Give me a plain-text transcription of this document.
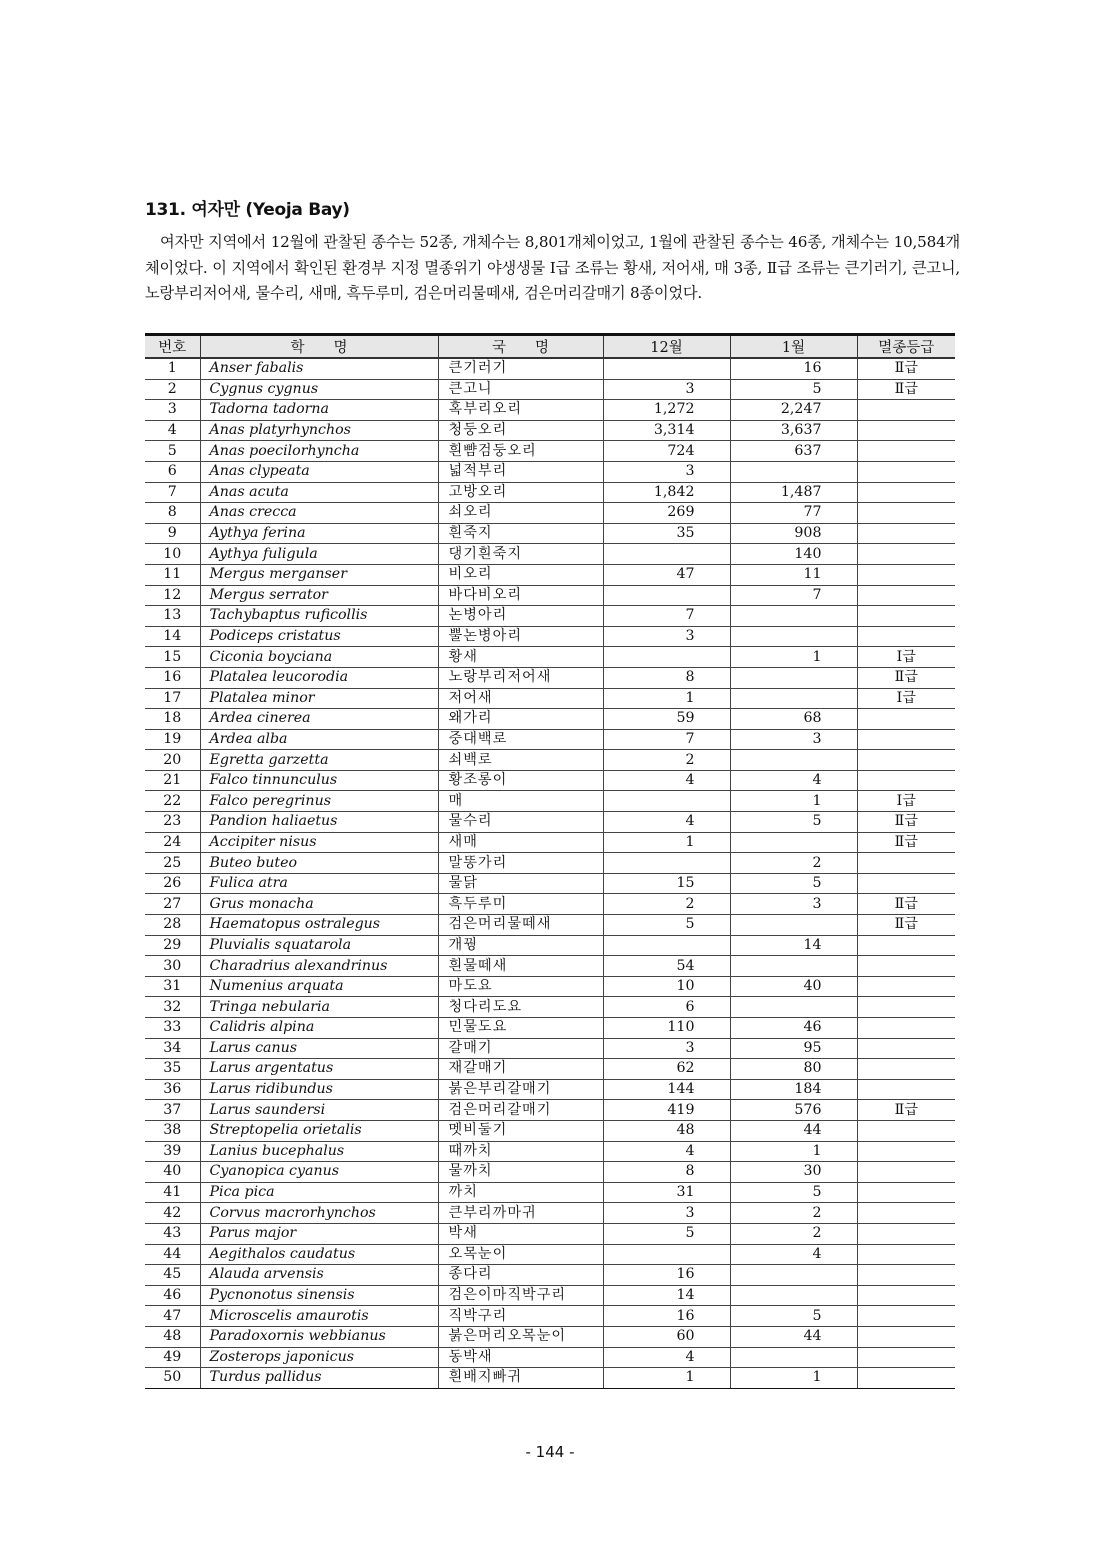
131. 여자만 (Yeoja Bay)

여자만 지역에서 12월에 관찰된 종수는 52종, 개체수는 8,801개체이었고, 1월에 관찰된 종수는 46종, 개체수는 10,584개체이었다. 이 지역에서 확인된 환경부 지정 멸종위기 야생생물 Ⅰ급 조류는 황새, 저어새, 매 3종, Ⅱ급 조류는 큰기러기, 큰고니, 노랑부리저어새, 물수리, 새매, 흑두루미, 검은머리물떼새, 검은머리갈매기 8종이었다.

번호	학　　명	국　　명	12월	1월	멸종등급
1	Anser fabalis	큰기러기		16	Ⅱ급
2	Cygnus cygnus	큰고니	3	5	Ⅱ급
3	Tadorna tadorna	혹부리오리	1,272	2,247	
4	Anas platyrhynchos	청둥오리	3,314	3,637	
5	Anas poecilorhyncha	흰뺨검둥오리	724	637	
6	Anas clypeata	넓적부리	3		
7	Anas acuta	고방오리	1,842	1,487	
8	Anas crecca	쇠오리	269	77	
9	Aythya ferina	흰죽지	35	908	
10	Aythya fuligula	댕기흰죽지		140	
11	Mergus merganser	비오리	47	11	
12	Mergus serrator	바다비오리		7	
13	Tachybaptus ruficollis	논병아리	7		
14	Podiceps cristatus	뿔논병아리	3		
15	Ciconia boyciana	황새		1	Ⅰ급
16	Platalea leucorodia	노랑부리저어새	8		Ⅱ급
17	Platalea minor	저어새	1		Ⅰ급
18	Ardea cinerea	왜가리	59	68	
19	Ardea alba	중대백로	7	3	
20	Egretta garzetta	쇠백로	2		
21	Falco tinnunculus	황조롱이	4	4	
22	Falco peregrinus	매		1	Ⅰ급
23	Pandion haliaetus	물수리	4	5	Ⅱ급
24	Accipiter nisus	새매	1		Ⅱ급
25	Buteo buteo	말똥가리		2	
26	Fulica atra	물닭	15	5	
27	Grus monacha	흑두루미	2	3	Ⅱ급
28	Haematopus ostralegus	검은머리물떼새	5		Ⅱ급
29	Pluvialis squatarola	개꿩		14	
30	Charadrius alexandrinus	흰물떼새	54		
31	Numenius arquata	마도요	10	40	
32	Tringa nebularia	청다리도요	6		
33	Calidris alpina	민물도요	110	46	
34	Larus canus	갈매기	3	95	
35	Larus argentatus	재갈매기	62	80	
36	Larus ridibundus	붉은부리갈매기	144	184	
37	Larus saundersi	검은머리갈매기	419	576	Ⅱ급
38	Streptopelia orietalis	멧비둘기	48	44	
39	Lanius bucephalus	때까치	4	1	
40	Cyanopica cyanus	물까치	8	30	
41	Pica pica	까치	31	5	
42	Corvus macrorhynchos	큰부리까마귀	3	2	
43	Parus major	박새	5	2	
44	Aegithalos caudatus	오목눈이		4	
45	Alauda arvensis	종다리	16		
46	Pycnonotus sinensis	검은이마직박구리	14		
47	Microscelis amaurotis	직박구리	16	5	
48	Paradoxornis webbianus	붉은머리오목눈이	60	44	
49	Zosterops japonicus	동박새	4		
50	Turdus pallidus	흰배지빠귀	1	1	

- 144 -
